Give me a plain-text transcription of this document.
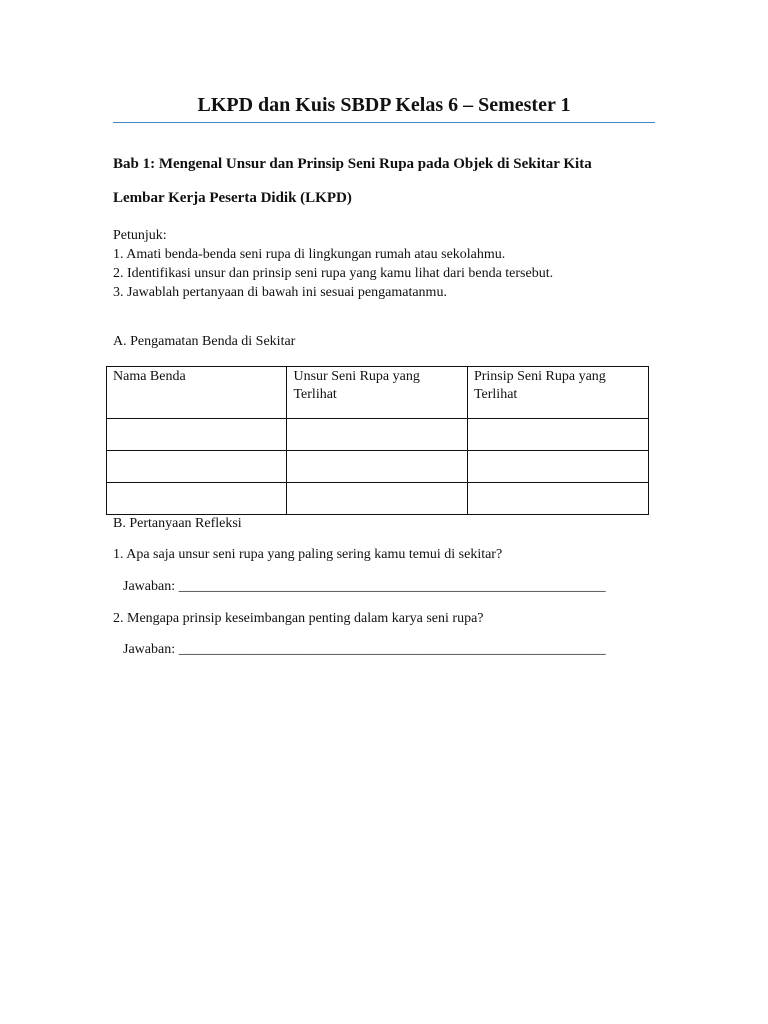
LKPD dan Kuis SBDP Kelas 6 – Semester 1
Bab 1: Mengenal Unsur dan Prinsip Seni Rupa pada Objek di Sekitar Kita
Lembar Kerja Peserta Didik (LKPD)
Petunjuk:
1. Amati benda-benda seni rupa di lingkungan rumah atau sekolahmu.
2. Identifikasi unsur dan prinsip seni rupa yang kamu lihat dari benda tersebut.
3. Jawablah pertanyaan di bawah ini sesuai pengamatanmu.
A. Pengamatan Benda di Sekitar
Nama Benda	Unsur Seni Rupa yang Terlihat	Prinsip Seni Rupa yang Terlihat

B. Pertanyaan Refleksi
1. Apa saja unsur seni rupa yang paling sering kamu temui di sekitar?
Jawaban: _____________________________________________________________
2. Mengapa prinsip keseimbangan penting dalam karya seni rupa?
Jawaban: _____________________________________________________________
